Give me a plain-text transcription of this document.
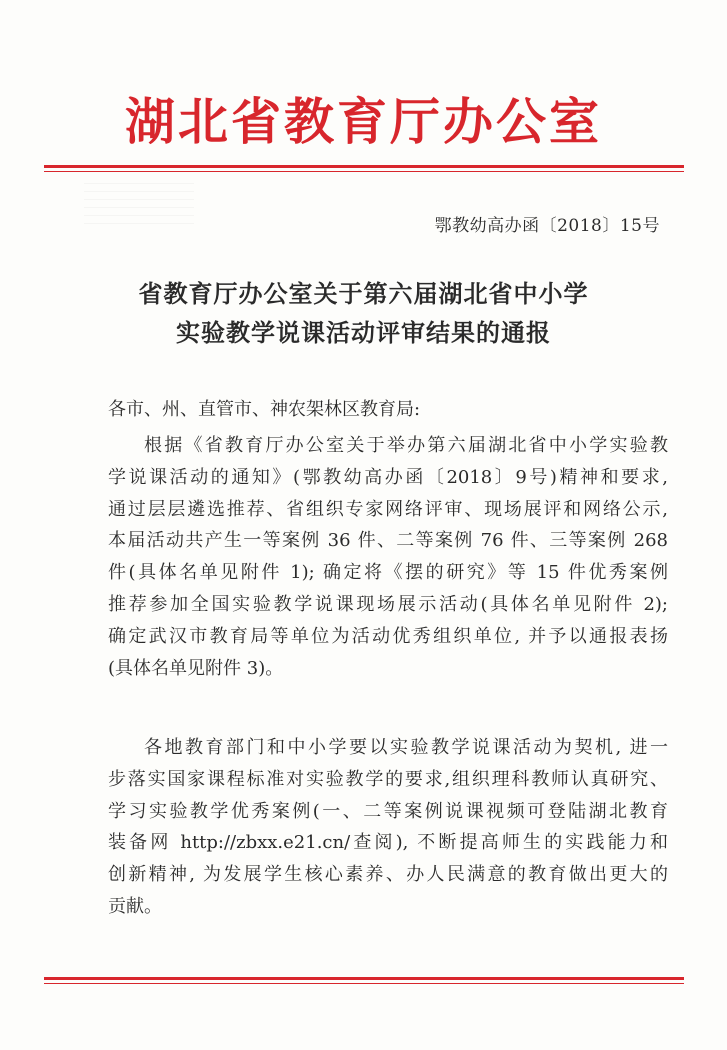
湖北省教育厅办公室
鄂教幼高办函〔2018〕15号
省教育厅办公室关于第六届湖北省中小学
实验教学说课活动评审结果的通报
各市、州、直管市、神农架林区教育局:
根据《省教育厅办公室关于举办第六届湖北省中小学实验教
学说课活动的通知》(鄂教幼高办函〔2018〕9号)精神和要求,
通过层层遴选推荐、省组织专家网络评审、现场展评和网络公示,
本届活动共产生一等案例 36 件、二等案例 76 件、三等案例 268
件(具体名单见附件 1); 确定将《摆的研究》等 15 件优秀案例
推荐参加全国实验教学说课现场展示活动(具体名单见附件 2);
确定武汉市教育局等单位为活动优秀组织单位, 并予以通报表扬
(具体名单见附件 3)。
各地教育部门和中小学要以实验教学说课活动为契机, 进一
步落实国家课程标准对实验教学的要求,组织理科教师认真研究、
学习实验教学优秀案例(一、二等案例说课视频可登陆湖北教育
装备网 http://zbxx.e21.cn/查阅), 不断提高师生的实践能力和
创新精神, 为发展学生核心素养、办人民满意的教育做出更大的
贡献。
